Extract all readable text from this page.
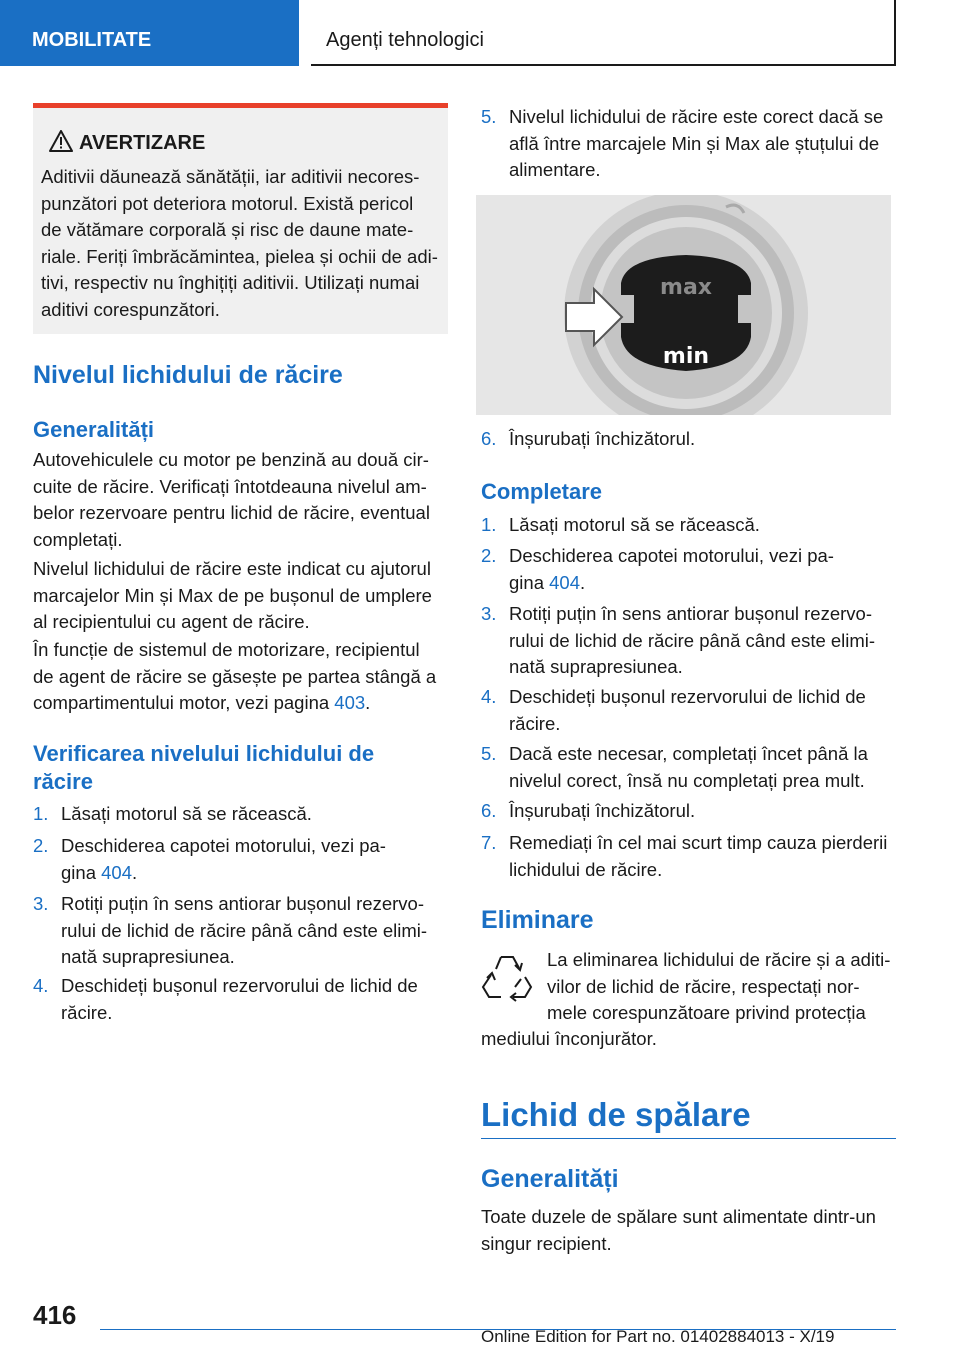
MOBILITATE	Agenți tehnologici
AVERTIZARE
Aditivii dăunează sănătății, iar aditivii necores-
punzători pot deteriora motorul. Există pericol
de vătămare corporală și risc de daune mate-
riale. Feriți îmbrăcămintea, pielea și ochii de adi-
tivi, respectiv nu înghițiți aditivii. Utilizați numai
aditivi corespunzători.
Nivelul lichidului de răcire
Generalități
Autovehiculele cu motor pe benzină au două cir-
cuite de răcire. Verificați întotdeauna nivelul am-
belor rezervoare pentru lichid de răcire, eventual
completați.
Nivelul lichidului de răcire este indicat cu ajutorul
marcajelor Min și Max de pe bușonul de umplere
al recipientului cu agent de răcire.
În funcție de sistemul de motorizare, recipientul
de agent de răcire se găsește pe partea stângă a
compartimentului motor, vezi pagina 403.
Verificarea nivelului lichidului de
răcire
1. Lăsați motorul să se răcească.
2. Deschiderea capotei motorului, vezi pa-
gina 404.
3. Rotiți puțin în sens antiorar bușonul rezervo-
rului de lichid de răcire până când este elimi-
nată suprapresiunea.
4. Deschideți bușonul rezervorului de lichid de
răcire.
5. Nivelul lichidului de răcire este corect dacă se
află între marcajele Min și Max ale ștuțului de
alimentare.
max
min
6. Înșurubați închizătorul.
Completare
1. Lăsați motorul să se răcească.
2. Deschiderea capotei motorului, vezi pa-
gina 404.
3. Rotiți puțin în sens antiorar bușonul rezervo-
rului de lichid de răcire până când este elimi-
nată suprapresiunea.
4. Deschideți bușonul rezervorului de lichid de
răcire.
5. Dacă este necesar, completați încet până la
nivelul corect, însă nu completați prea mult.
6. Înșurubați închizătorul.
7. Remediați în cel mai scurt timp cauza pierderii
lichidului de răcire.
Eliminare
La eliminarea lichidului de răcire și a aditi-
vilor de lichid de răcire, respectați nor-
mele corespunzătoare privind protecția
mediului înconjurător.
Lichid de spălare
Generalități
Toate duzele de spălare sunt alimentate dintr-un
singur recipient.
416
Online Edition for Part no. 01402884013 - X/19
